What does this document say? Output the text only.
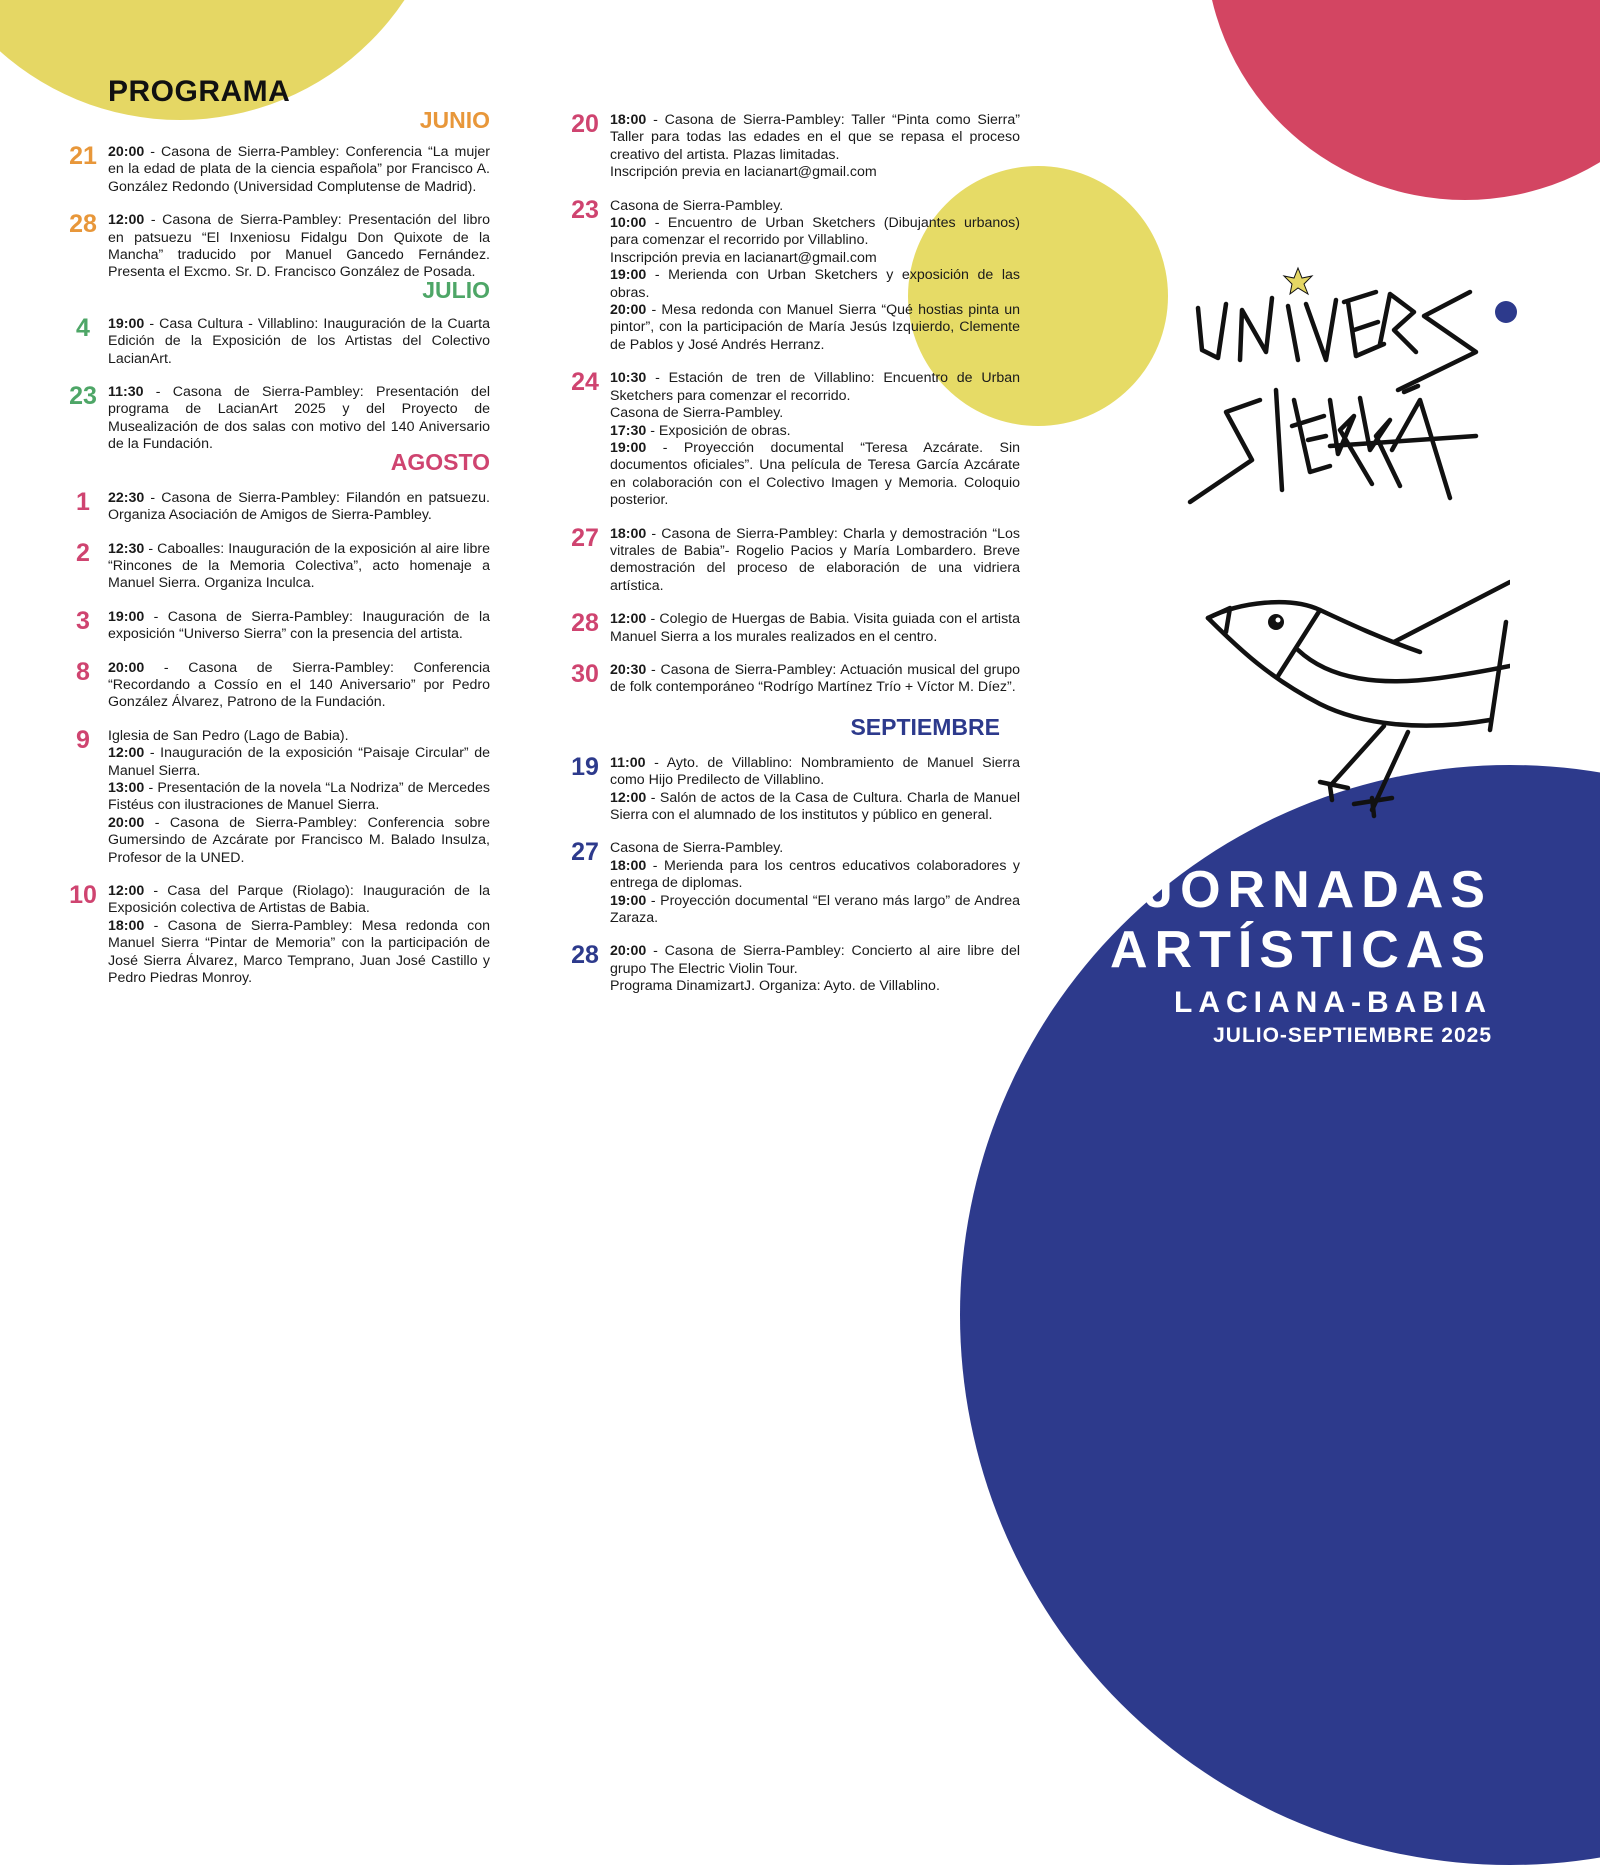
PROGRAMA
JUNIO
21 20:00 - Casona de Sierra-Pambley: Conferencia “La mujer en la edad de plata de la ciencia española” por Francisco A. González Redondo (Universidad Complutense de Madrid).
28 12:00 - Casona de Sierra-Pambley: Presentación del libro en patsuezu “El Inxeniosu Fidalgu Don Quixote de la Mancha” traducido por Manuel Gancedo Fernández. Presenta el Excmo. Sr. D. Francisco González de Posada.
JULIO
4	19:00 - Casa Cultura - Villablino: Inauguración de la Cuarta Edición de la Exposición de los Artistas del Colectivo LacianArt.
23 11:30 - Casona de Sierra-Pambley: Presentación del programa de LacianArt 2025 y del Proyecto de Musealización de dos salas con motivo del 140 Aniversario de la Fundación.
AGOSTO
1	22:30 - Casona de Sierra-Pambley: Filandón en patsuezu. Organiza Asociación de Amigos de Sierra-Pambley.
2	12:30 - Caboalles: Inauguración de la exposición al aire libre “Rincones de la Memoria Colectiva”, acto homenaje a Manuel Sierra. Organiza Inculca.
3	19:00 - Casona de Sierra-Pambley: Inauguración de la exposición “Universo Sierra” con la presencia del artista.
8	20:00 - Casona de Sierra-Pambley: Conferencia “Recordando a Cossío en el 140 Aniversario” por Pedro González Álvarez, Patrono de la Fundación.
9	Iglesia de San Pedro (Lago de Babia).
12:00 - Inauguración de la exposición “Paisaje Circular” de Manuel Sierra.
13:00 - Presentación de la novela “La Nodriza” de Mercedes Fistéus con ilustraciones de Manuel Sierra.
20:00 - Casona de Sierra-Pambley: Conferencia sobre Gumersindo de Azcárate por Francisco M. Balado Insulza, Profesor de la UNED.
10 12:00 - Casa del Parque (Riolago): Inauguración de la Exposición colectiva de Artistas de Babia.
18:00 - Casona de Sierra-Pambley: Mesa redonda con Manuel Sierra “Pintar de Memoria” con la participación de José Sierra Álvarez, Marco Temprano, Juan José Castillo y Pedro Piedras Monroy.
20 18:00 - Casona de Sierra-Pambley: Taller “Pinta como Sierra” Taller para todas las edades en el que se repasa el proceso creativo del artista. Plazas limitadas.
Inscripción previa en lacianart@gmail.com
23 Casona de Sierra-Pambley.
10:00 - Encuentro de Urban Sketchers (Dibujantes urbanos) para comenzar el recorrido por Villablino.
Inscripción previa en lacianart@gmail.com
19:00 - Merienda con Urban Sketchers y exposición de las obras.
20:00 - Mesa redonda con Manuel Sierra “Qué hostias pinta un pintor”, con la participación de María Jesús Izquierdo, Clemente de Pablos y José Andrés Herranz.
24 10:30 - Estación de tren de Villablino: Encuentro de Urban Sketchers para comenzar el recorrido.
Casona de Sierra-Pambley.
17:30 - Exposición de obras.
19:00 - Proyección documental “Teresa Azcárate. Sin documentos oficiales”. Una película de Teresa García Azcárate en colaboración con el Colectivo Imagen y Memoria. Coloquio posterior.
27 18:00 - Casona de Sierra-Pambley: Charla y demostración “Los vitrales de Babia”- Rogelio Pacios y María Lombardero. Breve demostración del proceso de elaboración de una vidriera artística.
28 12:00 - Colegio de Huergas de Babia. Visita guiada con el artista Manuel Sierra a los murales realizados en el centro.
30 20:30 - Casona de Sierra-Pambley: Actuación musical del grupo de folk contemporáneo “Rodrígo Martínez Trío + Víctor M. Díez”.
SEPTIEMBRE
19 11:00 - Ayto. de Villablino: Nombramiento de Manuel Sierra como Hijo Predilecto de Villablino.
12:00 - Salón de actos de la Casa de Cultura. Charla de Manuel Sierra con el alumnado de los institutos y público en general.
27 Casona de Sierra-Pambley.
18:00 - Merienda para los centros educativos colaboradores y entrega de diplomas.
19:00 - Proyección documental “El verano más largo” de Andrea Zaraza.
28 20:00 - Casona de Sierra-Pambley: Concierto al aire libre del grupo The Electric Violin Tour.
Programa DinamizartJ. Organiza: Ayto. de Villablino.
JORNADAS
ARTÍSTICAS
LACIANA-BABIA
JULIO-SEPTIEMBRE 2025
